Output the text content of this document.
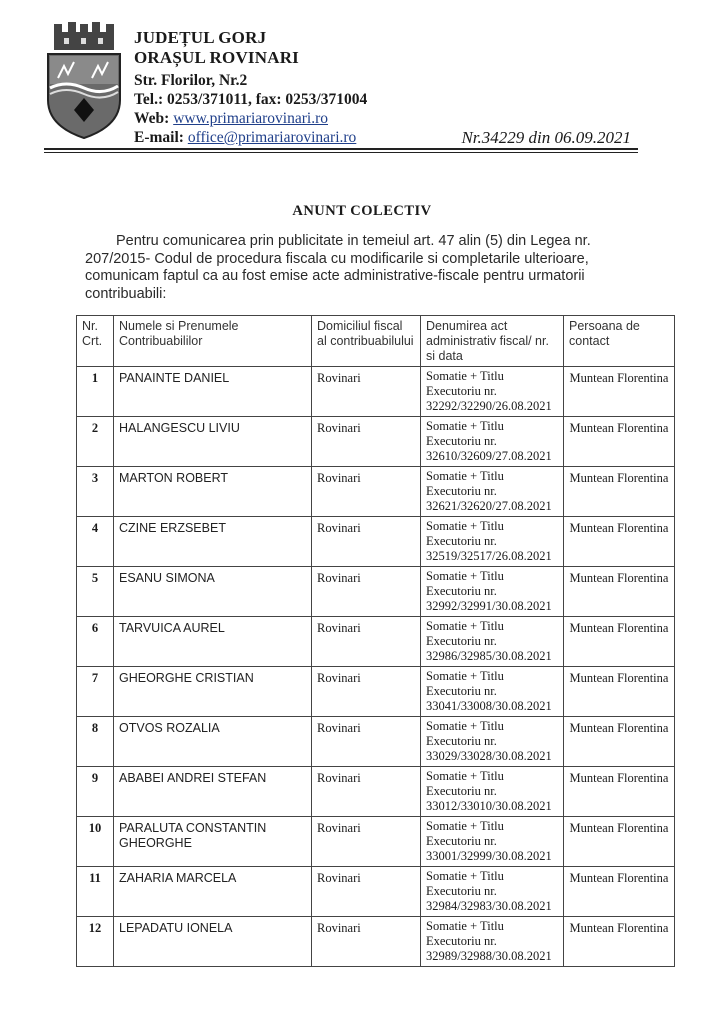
JUDEȚUL GORJ
ORAȘUL ROVINARI
Str. Florilor, Nr.2
Tel.: 0253/371011, fax: 0253/371004
Web: www.primariarovinari.ro
E-mail: office@primariarovinari.ro	Nr.34229 din 06.09.2021
ANUNT COLECTIV
Pentru comunicarea prin publicitate in temeiul art. 47 alin (5) din Legea nr. 207/2015- Codul de procedura fiscala cu modificarile si completarile ulterioare, comunicam faptul ca au fost emise acte administrative-fiscale pentru urmatorii contribuabili:
Nr. Crt.	Numele si Prenumele Contribuabililor	Domiciliul fiscal al contribuabilului	Denumirea act administrativ fiscal/ nr. si data	Persoana de contact
1	PANAINTE DANIEL	Rovinari	Somatie + Titlu Executoriu nr. 32292/32290/26.08.2021	Muntean Florentina
2	HALANGESCU LIVIU	Rovinari	Somatie + Titlu Executoriu nr. 32610/32609/27.08.2021	Muntean Florentina
3	MARTON ROBERT	Rovinari	Somatie + Titlu Executoriu nr. 32621/32620/27.08.2021	Muntean Florentina
4	CZINE ERZSEBET	Rovinari	Somatie + Titlu Executoriu nr. 32519/32517/26.08.2021	Muntean Florentina
5	ESANU SIMONA	Rovinari	Somatie + Titlu Executoriu nr. 32992/32991/30.08.2021	Muntean Florentina
6	TARVUICA AUREL	Rovinari	Somatie + Titlu Executoriu nr. 32986/32985/30.08.2021	Muntean Florentina
7	GHEORGHE CRISTIAN	Rovinari	Somatie + Titlu Executoriu nr. 33041/33008/30.08.2021	Muntean Florentina
8	OTVOS ROZALIA	Rovinari	Somatie + Titlu Executoriu nr. 33029/33028/30.08.2021	Muntean Florentina
9	ABABEI ANDREI STEFAN	Rovinari	Somatie + Titlu Executoriu nr. 33012/33010/30.08.2021	Muntean Florentina
10	PARALUTA CONSTANTIN GHEORGHE	Rovinari	Somatie + Titlu Executoriu nr. 33001/32999/30.08.2021	Muntean Florentina
11	ZAHARIA MARCELA	Rovinari	Somatie + Titlu Executoriu nr. 32984/32983/30.08.2021	Muntean Florentina
12	LEPADATU IONELA	Rovinari	Somatie + Titlu Executoriu nr. 32989/32988/30.08.2021	Muntean Florentina
